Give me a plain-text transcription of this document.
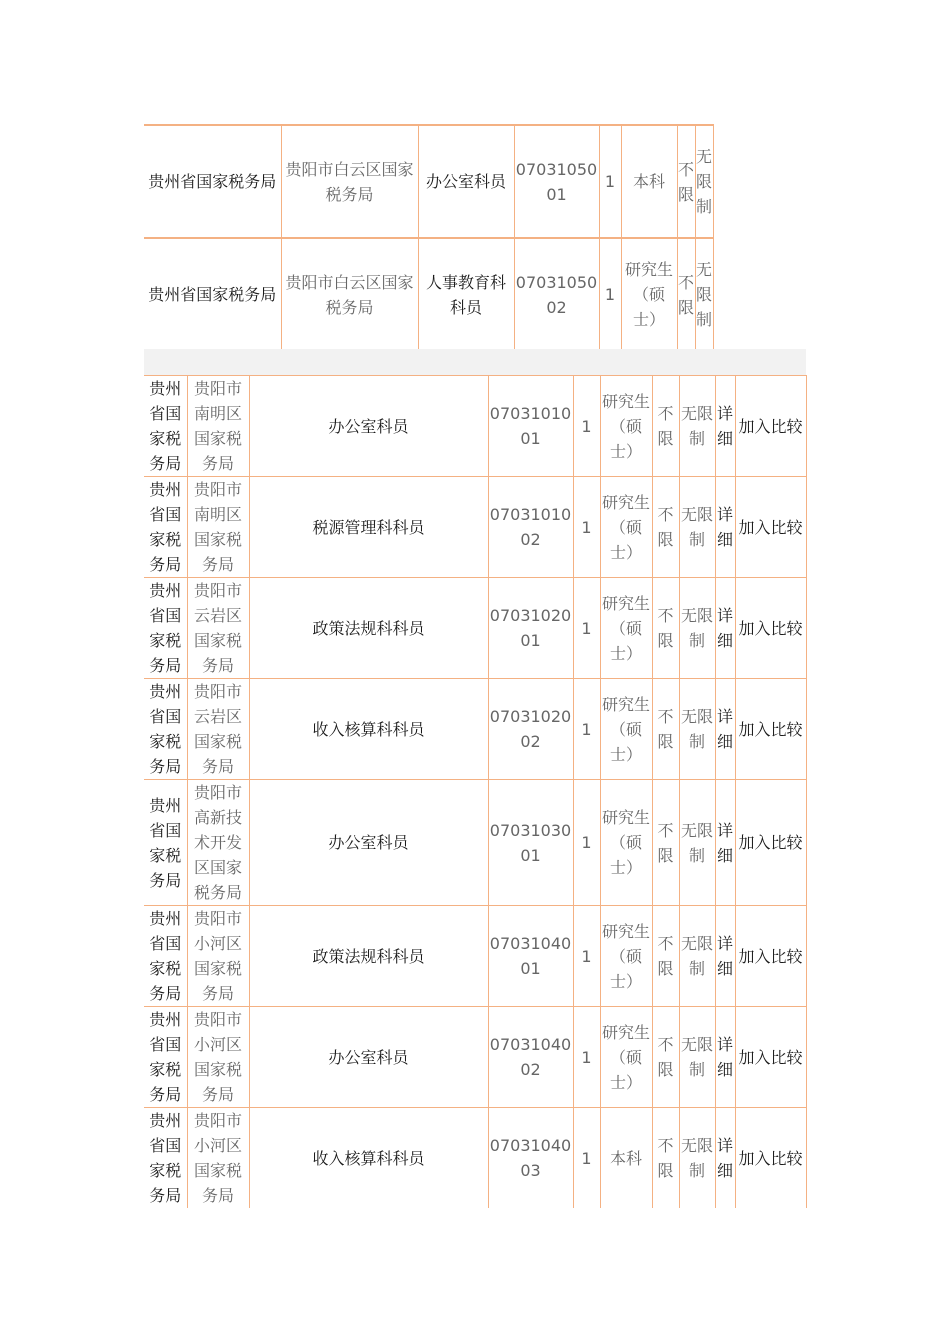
贵州省国家税务局	贵阳市白云区国家税务局	办公室科员	0703105001	1	本科	不限	无限制
贵州省国家税务局	贵阳市白云区国家税务局	人事教育科科员	0703105002	1	研究生（硕士）	不限	无限制
贵州省国家税务局	贵阳市南明区国家税务局	办公室科员	0703101001	1	研究生（硕士）	不限	无限制	详细	加入比较
贵州省国家税务局	贵阳市南明区国家税务局	税源管理科科员	0703101002	1	研究生（硕士）	不限	无限制	详细	加入比较
贵州省国家税务局	贵阳市云岩区国家税务局	政策法规科科员	0703102001	1	研究生（硕士）	不限	无限制	详细	加入比较
贵州省国家税务局	贵阳市云岩区国家税务局	收入核算科科员	0703102002	1	研究生（硕士）	不限	无限制	详细	加入比较
贵州省国家税务局	贵阳市高新技术开发区国家税务局	办公室科员	0703103001	1	研究生（硕士）	不限	无限制	详细	加入比较
贵州省国家税务局	贵阳市小河区国家税务局	政策法规科科员	0703104001	1	研究生（硕士）	不限	无限制	详细	加入比较
贵州省国家税务局	贵阳市小河区国家税务局	办公室科员	0703104002	1	研究生（硕士）	不限	无限制	详细	加入比较
贵州省国家税务局	贵阳市小河区国家税务局	收入核算科科员	0703104003	1	本科	不限	无限制	详细	加入比较
